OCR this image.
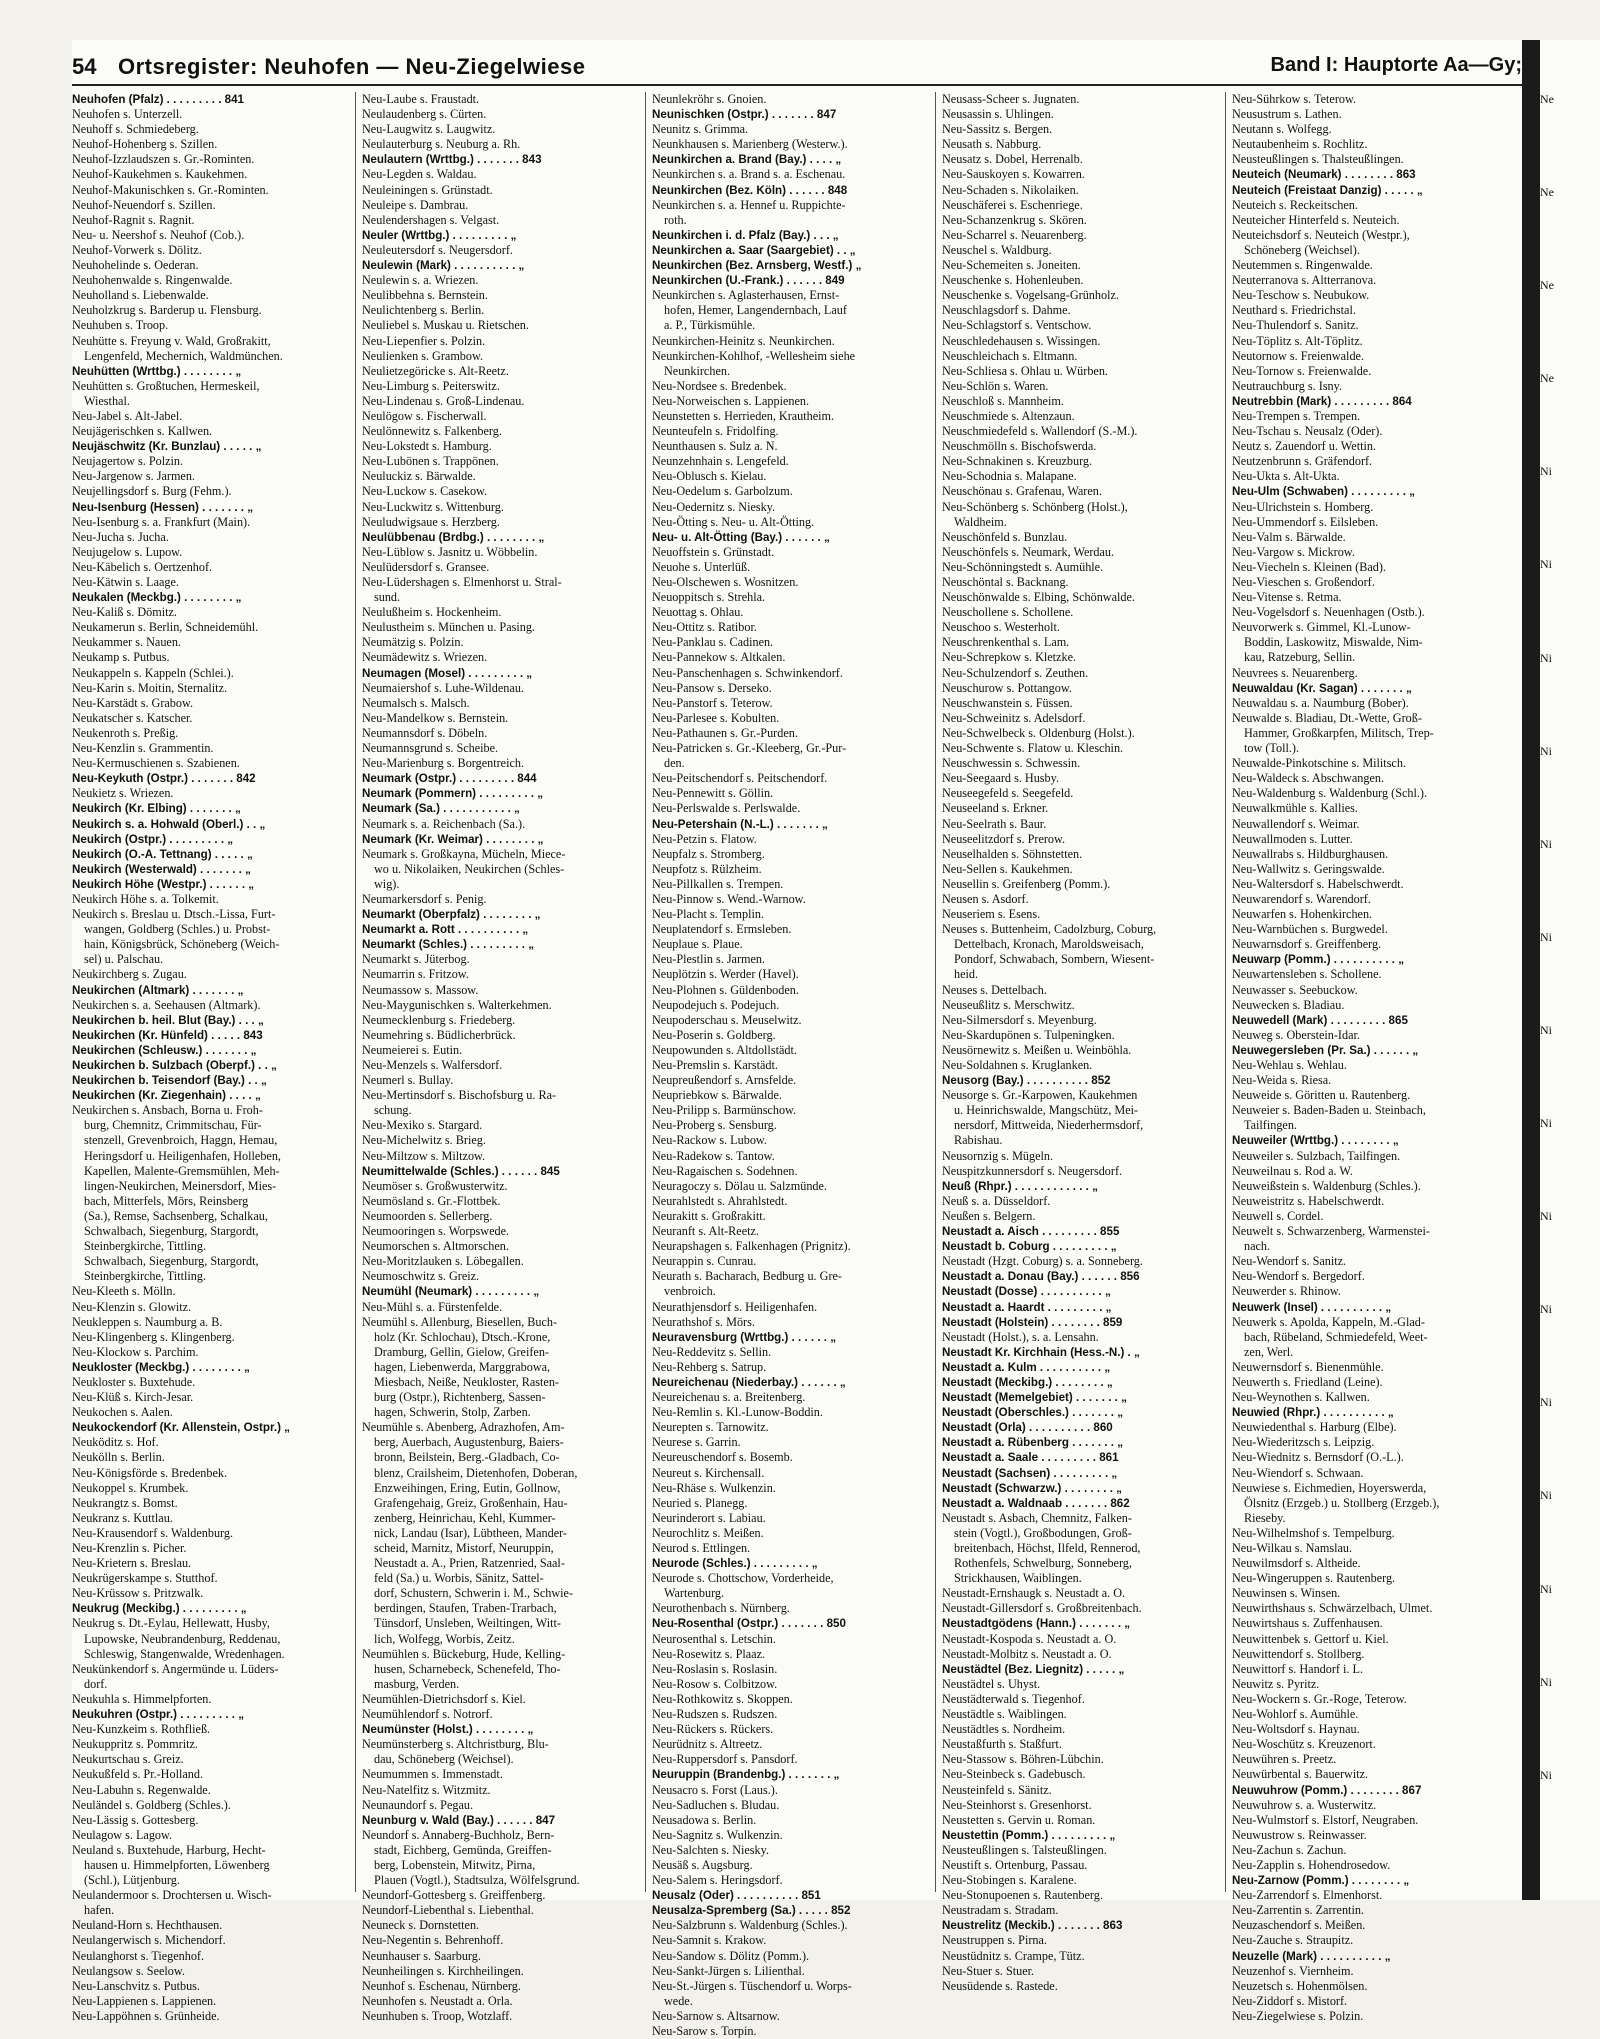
54 Ortsregister: Neuhofen — Neu-Ziegelwiese	Band I: Hauptorte Aa—Gy;
Neuhofen (Pfalz) . . . . . . . . . 841
Neuhofen s. Unterzell.
Neuhoff s. Schmiedeberg.
Neuhof-Hohenberg s. Szillen.
Neuhof-Izzlaudszen s. Gr.-Rominten.
Neuhof-Kaukehmen s. Kaukehmen.
Neuhof-Makunischken s. Gr.-Rominten.
Neuhof-Neuendorf s. Szillen.
Neuhof-Ragnit s. Ragnit.
Neu- u. Neershof s. Neuhof (Cob.).
Neuhof-Vorwerk s. Dölitz.
Neuhohelinde s. Oederan.
Neuhohenwalde s. Ringenwalde.
Neuholland s. Liebenwalde.
Neuholzkrug s. Barderup u. Flensburg.
Neuhuben s. Troop.
Neuhütte s. Freyung v. Wald, Großrakitt,
Lengenfeld, Mechernich, Waldmünchen.
Neuhütten (Wrttbg.) . . . . . . . . „
Neuhütten s. Großtuchen, Hermeskeil,
Wiesthal.
Neu-Jabel s. Alt-Jabel.
Neujägerischken s. Kallwen.
Neujäschwitz (Kr. Bunzlau) . . . . . „
Neujagertow s. Polzin.
Neu-Jargenow s. Jarmen.
Neujellingsdorf s. Burg (Fehm.).
Neu-Isenburg (Hessen) . . . . . . . „
Neu-Isenburg s. a. Frankfurt (Main).
Neu-Jucha s. Jucha.
Neujugelow s. Lupow.
Neu-Käbelich s. Oertzenhof.
Neu-Kätwin s. Laage.
Neukalen (Meckbg.) . . . . . . . . „
Neu-Kaliß s. Dömitz.
Neukamerun s. Berlin, Schneidemühl.
Neukammer s. Nauen.
Neukamp s. Putbus.
Neukappeln s. Kappeln (Schlei.).
Neu-Karin s. Moitin, Sternalitz.
Neu-Karstädt s. Grabow.
Neukatscher s. Katscher.
Neukenroth s. Preßig.
Neu-Kenzlin s. Grammentin.
Neu-Kermuschienen s. Szabienen.
Neu-Keykuth (Ostpr.) . . . . . . . 842
Neukietz s. Wriezen.
Neukirch (Kr. Elbing) . . . . . . . „
Neukirch s. a. Hohwald (Oberl.) . . „
Neukirch (Ostpr.) . . . . . . . . . „
Neukirch (O.-A. Tettnang) . . . . . „
Neukirch (Westerwald) . . . . . . . „
Neukirch Höhe (Westpr.) . . . . . . „
Neukirch Höhe s. a. Tolkemit.
Neukirch s. Breslau u. Dtsch.-Lissa, Furt-
wangen, Goldberg (Schles.) u. Probst-
hain, Königsbrück, Schöneberg (Weich-
sel) u. Palschau.
Neukirchberg s. Zugau.
Neukirchen (Altmark) . . . . . . . „
Neukirchen s. a. Seehausen (Altmark).
Neukirchen b. heil. Blut (Bay.) . . . „
Neukirchen (Kr. Hünfeld) . . . . . 843
Neukirchen (Schleusw.) . . . . . . . „
Neukirchen b. Sulzbach (Oberpf.) . . „
Neukirchen b. Teisendorf (Bay.) . . „
Neukirchen (Kr. Ziegenhain) . . . . „
Neukirchen s. Ansbach, Borna u. Froh-
burg, Chemnitz, Crimmitschau, Für-
stenzell, Grevenbroich, Haggn, Hemau,
Heringsdorf u. Heiligenhafen, Holleben,
Kapellen, Malente-Gremsmühlen, Meh-
lingen-Neukirchen, Meinersdorf, Mies-
bach, Mitterfels, Mörs, Reinsberg
(Sa.), Remse, Sachsenberg, Schalkau,
Schwalbach, Siegenburg, Stargordt,
Steinbergkirche, Tittling.
Schwalbach, Siegenburg, Stargordt,
Steinbergkirche, Tittling.
Neu-Kleeth s. Mölln.
Neu-Klenzin s. Glowitz.
Neukleppen s. Naumburg a. B.
Neu-Klingenberg s. Klingenberg.
Neu-Klockow s. Parchim.
Neukloster (Meckbg.) . . . . . . . . „
Neukloster s. Buxtehude.
Neu-Klüß s. Kirch-Jesar.
Neukochen s. Aalen.
Neukockendorf (Kr. Allenstein, Ostpr.) „
Neuköditz s. Hof.
Neukölln s. Berlin.
Neu-Königsförde s. Bredenbek.
Neukoppel s. Krumbek.
Neukrangtz s. Bomst.
Neukranz s. Kuttlau.
Neu-Krausendorf s. Waldenburg.
Neu-Krenzlin s. Picher.
Neu-Krietern s. Breslau.
Neukrügerskampe s. Stutthof.
Neu-Krüssow s. Pritzwalk.
Neukrug (Meckibg.) . . . . . . . . . „
Neukrug s. Dt.-Eylau, Hellewatt, Husby,
Lupowske, Neubrandenburg, Reddenau,
Schleswig, Stangenwalde, Wredenhagen.
Neukünkendorf s. Angermünde u. Lüders-
dorf.
Neukuhla s. Himmelpforten.
Neukuhren (Ostpr.) . . . . . . . . . „
Neu-Kunzkeim s. Rothfließ.
Neukuppritz s. Pommritz.
Neukurtschau s. Greiz.
Neukußfeld s. Pr.-Holland.
Neu-Labuhn s. Regenwalde.
Neuländel s. Goldberg (Schles.).
Neu-Lässig s. Gottesberg.
Neulagow s. Lagow.
Neuland s. Buxtehude, Harburg, Hecht-
hausen u. Himmelpforten, Löwenberg
(Schl.), Lütjenburg.
Neulandermoor s. Drochtersen u. Wisch-
hafen.
Neuland-Horn s. Hechthausen.
Neulangerwisch s. Michendorf.
Neulanghorst s. Tiegenhof.
Neulangsow s. Seelow.
Neu-Lanschvitz s. Putbus.
Neu-Lappienen s. Lappienen.
Neu-Lappöhnen s. Grünheide.
Neu-Laube s. Fraustadt.
Neulaudenberg s. Cürten.
Neu-Laugwitz s. Laugwitz.
Neulauterburg s. Neuburg a. Rh.
Neulautern (Wrttbg.) . . . . . . . 843
Neu-Legden s. Waldau.
Neuleiningen s. Grünstadt.
Neuleipe s. Dambrau.
Neulendershagen s. Velgast.
Neuler (Wrttbg.) . . . . . . . . . „
Neuleutersdorf s. Neugersdorf.
Neulewin (Mark) . . . . . . . . . . „
Neulewin s. a. Wriezen.
Neulibbehna s. Bernstein.
Neulichtenberg s. Berlin.
Neuliebel s. Muskau u. Rietschen.
Neu-Liepenfier s. Polzin.
Neulienken s. Grambow.
Neulietzegöricke s. Alt-Reetz.
Neu-Limburg s. Peiterswitz.
Neu-Lindenau s. Groß-Lindenau.
Neulögow s. Fischerwall.
Neulönnewitz s. Falkenberg.
Neu-Lokstedt s. Hamburg.
Neu-Lubönen s. Trappönen.
Neuluckiz s. Bärwalde.
Neu-Luckow s. Casekow.
Neu-Luckwitz s. Wittenburg.
Neuludwigsaue s. Herzberg.
Neulübbenau (Brdbg.) . . . . . . . . „
Neu-Lüblow s. Jasnitz u. Wöbbelin.
Neulüdersdorf s. Gransee.
Neu-Lüdershagen s. Elmenhorst u. Stral-
sund.
Neulußheim s. Hockenheim.
Neulustheim s. München u. Pasing.
Neumätzig s. Polzin.
Neumädewitz s. Wriezen.
Neumagen (Mosel) . . . . . . . . . „
Neumaiershof s. Luhe-Wildenau.
Neumalsch s. Malsch.
Neu-Mandelkow s. Bernstein.
Neumannsdorf s. Döbeln.
Neumannsgrund s. Scheibe.
Neu-Marienburg s. Borgentreich.
Neumark (Ostpr.) . . . . . . . . . 844
Neumark (Pommern) . . . . . . . . . „
Neumark (Sa.) . . . . . . . . . . . „
Neumark s. a. Reichenbach (Sa.).
Neumark (Kr. Weimar) . . . . . . . . „
Neumark s. Großkayna, Mücheln, Miece-
wo u. Nikolaiken, Neukirchen (Schles-
wig).
Neumarkersdorf s. Penig.
Neumarkt (Oberpfalz) . . . . . . . . „
Neumarkt a. Rott . . . . . . . . . . „
Neumarkt (Schles.) . . . . . . . . . „
Neumarkt s. Jüterbog.
Neumarrin s. Fritzow.
Neumassow s. Massow.
Neu-Maygunischken s. Walterkehmen.
Neumecklenburg s. Friedeberg.
Neumehring s. Büdlicherbrück.
Neumeierei s. Eutin.
Neu-Menzels s. Walfersdorf.
Neumerl s. Bullay.
Neu-Mertinsdorf s. Bischofsburg u. Ra-
schung.
Neu-Mexiko s. Stargard.
Neu-Michelwitz s. Brieg.
Neu-Miltzow s. Miltzow.
Neumittelwalde (Schles.) . . . . . . 845
Neumöser s. Großwusterwitz.
Neumösland s. Gr.-Flottbek.
Neumoorden s. Sellerberg.
Neumooringen s. Worpswede.
Neumorschen s. Altmorschen.
Neu-Moritzlauken s. Löbegallen.
Neumoschwitz s. Greiz.
Neumühl (Neumark) . . . . . . . . . „
Neu-Mühl s. a. Fürstenfelde.
Neumühl s. Allenburg, Biesellen, Buch-
holz (Kr. Schlochau), Dtsch.-Krone,
Dramburg, Gellin, Gielow, Greifen-
hagen, Liebenwerda, Marggrabowa,
Miesbach, Neiße, Neukloster, Rasten-
burg (Ostpr.), Richtenberg, Sassen-
hagen, Schwerin, Stolp, Zarben.
Neumühle s. Abenberg, Adrazhofen, Am-
berg, Auerbach, Augustenburg, Baiers-
bronn, Beilstein, Berg.-Gladbach, Co-
blenz, Crailsheim, Dietenhofen, Doberan,
Enzweihingen, Ering, Eutin, Gollnow,
Grafengehaig, Greiz, Großenhain, Hau-
zenberg, Heinrichau, Kehl, Kummer-
nick, Landau (Isar), Lübtheen, Mander-
scheid, Marnitz, Mistorf, Neuruppin,
Neustadt a. A., Prien, Ratzenried, Saal-
feld (Sa.) u. Worbis, Sänitz, Sattel-
dorf, Schustern, Schwerin i. M., Schwie-
berdingen, Staufen, Traben-Trarbach,
Tünsdorf, Unsleben, Weiltingen, Witt-
lich, Wolfegg, Worbis, Zeitz.
Neumühlen s. Bückeburg, Hude, Kelling-
husen, Scharnebeck, Schenefeld, Tho-
masburg, Verden.
Neumühlen-Dietrichsdorf s. Kiel.
Neumühlendorf s. Notrorf.
Neumünster (Holst.) . . . . . . . . „
Neumünsterberg s. Altchristburg, Blu-
dau, Schöneberg (Weichsel).
Neumummen s. Immenstadt.
Neu-Natelfitz s. Witzmitz.
Neunaundorf s. Pegau.
Neunburg v. Wald (Bay.) . . . . . . 847
Neundorf s. Annaberg-Buchholz, Bern-
stadt, Eichberg, Gemünda, Greiffen-
berg, Lobenstein, Mitwitz, Pirna,
Plauen (Vogtl.), Stadtsulza, Wölfelsgrund.
Neundorf-Gottesberg s. Greiffenberg.
Neundorf-Liebenthal s. Liebenthal.
Neuneck s. Dornstetten.
Neu-Negentin s. Behrenhoff.
Neunhauser s. Saarburg.
Neunheilingen s. Kirchheilingen.
Neunhof s. Eschenau, Nürnberg.
Neunhofen s. Neustadt a. Orla.
Neunhuben s. Troop, Wotzlaff.
Neunlekröhr s. Gnoien.
Neunischken (Ostpr.) . . . . . . . 847
Neunitz s. Grimma.
Neunkhausen s. Marienberg (Westerw.).
Neunkirchen a. Brand (Bay.) . . . . „
Neunkirchen s. a. Brand s. a. Eschenau.
Neunkirchen (Bez. Köln) . . . . . . 848
Neunkirchen s. a. Hennef u. Ruppichte-
roth.
Neunkirchen i. d. Pfalz (Bay.) . . . „
Neunkirchen a. Saar (Saargebiet) . . „
Neunkirchen (Bez. Arnsberg, Westf.) „
Neunkirchen (U.-Frank.) . . . . . . 849
Neunkirchen s. Aglasterhausen, Ernst-
hofen, Hemer, Langendernbach, Lauf
a. P., Türkismühle.
Neunkirchen-Heinitz s. Neunkirchen.
Neunkirchen-Kohlhof, -Wellesheim siehe
Neunkirchen.
Neu-Nordsee s. Bredenbek.
Neu-Norweischen s. Lappienen.
Neunstetten s. Herrieden, Krautheim.
Neunteufeln s. Fridolfing.
Neunthausen s. Sulz a. N.
Neunzehnhain s. Lengefeld.
Neu-Oblusch s. Kielau.
Neu-Oedelum s. Garbolzum.
Neu-Oedernitz s. Niesky.
Neu-Ötting s. Neu- u. Alt-Ötting.
Neu- u. Alt-Ötting (Bay.) . . . . . . „
Neuoffstein s. Grünstadt.
Neuohe s. Unterlüß.
Neu-Olschewen s. Wosnitzen.
Neuoppitsch s. Strehla.
Neuottag s. Ohlau.
Neu-Ottitz s. Ratibor.
Neu-Panklau s. Cadinen.
Neu-Pannekow s. Altkalen.
Neu-Panschenhagen s. Schwinkendorf.
Neu-Pansow s. Derseko.
Neu-Panstorf s. Teterow.
Neu-Parlesee s. Kobulten.
Neu-Pathaunen s. Gr.-Purden.
Neu-Patricken s. Gr.-Kleeberg, Gr.-Pur-
den.
Neu-Peitschendorf s. Peitschendorf.
Neu-Pennewitt s. Göllin.
Neu-Perlswalde s. Perlswalde.
Neu-Petershain (N.-L.) . . . . . . . „
Neu-Petzin s. Flatow.
Neupfalz s. Stromberg.
Neupfotz s. Rülzheim.
Neu-Pillkallen s. Trempen.
Neu-Pinnow s. Wend.-Warnow.
Neu-Placht s. Templin.
Neuplatendorf s. Ermsleben.
Neuplaue s. Plaue.
Neu-Plestlin s. Jarmen.
Neuplötzin s. Werder (Havel).
Neu-Plohnen s. Güldenboden.
Neupodejuch s. Podejuch.
Neupoderschau s. Meuselwitz.
Neu-Poserin s. Goldberg.
Neupowunden s. Altdollstädt.
Neu-Premslin s. Karstädt.
Neupreußendorf s. Arnsfelde.
Neupriebkow s. Bärwalde.
Neu-Prilipp s. Barmünschow.
Neu-Proberg s. Sensburg.
Neu-Rackow s. Lubow.
Neu-Radekow s. Tantow.
Neu-Ragaischen s. Sodehnen.
Neuragoczy s. Dölau u. Salzmünde.
Neurahlstedt s. Ahrahlstedt.
Neurakitt s. Großrakitt.
Neuranft s. Alt-Reetz.
Neurapshagen s. Falkenhagen (Prignitz).
Neurappin s. Cunrau.
Neurath s. Bacharach, Bedburg u. Gre-
venbroich.
Neurathjensdorf s. Heiligenhafen.
Neurathshof s. Mörs.
Neuravensburg (Wrttbg.) . . . . . . „
Neu-Reddevitz s. Sellin.
Neu-Rehberg s. Satrup.
Neureichenau (Niederbay.) . . . . . . „
Neureichenau s. a. Breitenberg.
Neu-Remlin s. Kl.-Lunow-Boddin.
Neurepten s. Tarnowitz.
Neurese s. Garrin.
Neureuschendorf s. Bosemb.
Neureut s. Kirchensall.
Neu-Rhäse s. Wulkenzin.
Neuried s. Planegg.
Neurinderort s. Labiau.
Neurochlitz s. Meißen.
Neurod s. Ettlingen.
Neurode (Schles.) . . . . . . . . . „
Neurode s. Chottschow, Vorderheide,
Wartenburg.
Neurothenbach s. Nürnberg.
Neu-Rosenthal (Ostpr.) . . . . . . . 850
Neurosenthal s. Letschin.
Neu-Rosewitz s. Plaaz.
Neu-Roslasin s. Roslasin.
Neu-Rosow s. Colbitzow.
Neu-Rothkowitz s. Skoppen.
Neu-Rudszen s. Rudszen.
Neu-Rückers s. Rückers.
Neurüdnitz s. Altreetz.
Neu-Ruppersdorf s. Pansdorf.
Neuruppin (Brandenbg.) . . . . . . . „
Neusacro s. Forst (Laus.).
Neu-Sadluchen s. Bludau.
Neusadowa s. Berlin.
Neu-Sagnitz s. Wulkenzin.
Neu-Salchten s. Niesky.
Neusäß s. Augsburg.
Neu-Salem s. Heringsdorf.
Neusalz (Oder) . . . . . . . . . . 851
Neusalza-Spremberg (Sa.) . . . . . 852
Neu-Salzbrunn s. Waldenburg (Schles.).
Neu-Samnit s. Krakow.
Neu-Sandow s. Dölitz (Pomm.).
Neu-Sankt-Jürgen s. Lilienthal.
Neu-St.-Jürgen s. Tüschendorf u. Worps-
wede.
Neu-Sarnow s. Altsarnow.
Neu-Sarow s. Torpin.
Neusass-Scheer s. Jugnaten.
Neusassin s. Uhlingen.
Neu-Sassitz s. Bergen.
Neusath s. Nabburg.
Neusatz s. Dobel, Herrenalb.
Neu-Sauskoyen s. Kowarren.
Neu-Schaden s. Nikolaiken.
Neuschäferei s. Eschenriege.
Neu-Schanzenkrug s. Skören.
Neu-Scharrel s. Neuarenberg.
Neuschel s. Waldburg.
Neu-Schemeiten s. Joneiten.
Neuschenke s. Hohenleuben.
Neuschenke s. Vogelsang-Grünholz.
Neuschlagsdorf s. Dahme.
Neu-Schlagstorf s. Ventschow.
Neuschledehausen s. Wissingen.
Neuschleichach s. Eltmann.
Neu-Schliesa s. Ohlau u. Würben.
Neu-Schlön s. Waren.
Neuschloß s. Mannheim.
Neuschmiede s. Altenzaun.
Neuschmiedefeld s. Wallendorf (S.-M.).
Neuschmölln s. Bischofswerda.
Neu-Schnakinen s. Kreuzburg.
Neu-Schodnia s. Malapane.
Neuschönau s. Grafenau, Waren.
Neu-Schönberg s. Schönberg (Holst.),
Waldheim.
Neuschönfeld s. Bunzlau.
Neuschönfels s. Neumark, Werdau.
Neu-Schönningstedt s. Aumühle.
Neuschöntal s. Backnang.
Neuschönwalde s. Elbing, Schönwalde.
Neuschollene s. Schollene.
Neuschoo s. Westerholt.
Neuschrenkenthal s. Lam.
Neu-Schrepkow s. Kletzke.
Neu-Schulzendorf s. Zeuthen.
Neuschurow s. Pottangow.
Neuschwanstein s. Füssen.
Neu-Schweinitz s. Adelsdorf.
Neu-Schwelbeck s. Oldenburg (Holst.).
Neu-Schwente s. Flatow u. Kleschin.
Neuschwessin s. Schwessin.
Neu-Seegaard s. Husby.
Neuseegefeld s. Seegefeld.
Neuseeland s. Erkner.
Neu-Seelrath s. Baur.
Neuseelitzdorf s. Prerow.
Neuselhalden s. Söhnstetten.
Neu-Sellen s. Kaukehmen.
Neusellin s. Greifenberg (Pomm.).
Neusen s. Asdorf.
Neuseriem s. Esens.
Neuses s. Buttenheim, Cadolzburg, Coburg,
Dettelbach, Kronach, Maroldsweisach,
Pondorf, Schwabach, Sombern, Wiesent-
heid.
Neuses s. Dettelbach.
Neuseußlitz s. Merschwitz.
Neu-Silmersdorf s. Meyenburg.
Neu-Skardupönen s. Tulpeningken.
Neusörnewitz s. Meißen u. Weinböhla.
Neu-Soldahnen s. Kruglanken.
Neusorg (Bay.) . . . . . . . . . . 852
Neusorge s. Gr.-Karpowen, Kaukehmen
u. Heinrichswalde, Mangschütz, Mei-
nersdorf, Mittweida, Niederhermsdorf,
Rabishau.
Neusornzig s. Mügeln.
Neuspitzkunnersdorf s. Neugersdorf.
Neuß (Rhpr.) . . . . . . . . . . . . „
Neuß s. a. Düsseldorf.
Neußen s. Belgern.
Neustadt a. Aisch . . . . . . . . . 855
Neustadt b. Coburg . . . . . . . . . „
Neustadt (Hzgt. Coburg) s. a. Sonneberg.
Neustadt a. Donau (Bay.) . . . . . . 856
Neustadt (Dosse) . . . . . . . . . . „
Neustadt a. Haardt . . . . . . . . . „
Neustadt (Holstein) . . . . . . . . 859
Neustadt (Holst.), s. a. Lensahn.
Neustadt Kr. Kirchhain (Hess.-N.) . „
Neustadt a. Kulm . . . . . . . . . . „
Neustadt (Meckibg.) . . . . . . . . „
Neustadt (Memelgebiet) . . . . . . . „
Neustadt (Oberschles.) . . . . . . . „
Neustadt (Orla) . . . . . . . . . . 860
Neustadt a. Rübenberg . . . . . . . „
Neustadt a. Saale . . . . . . . . . 861
Neustadt (Sachsen) . . . . . . . . . „
Neustadt (Schwarzw.) . . . . . . . . „
Neustadt a. Waldnaab . . . . . . . 862
Neustadt s. Asbach, Chemnitz, Falken-
stein (Vogtl.), Großbodungen, Groß-
breitenbach, Höchst, Ilfeld, Rennerod,
Rothenfels, Schwelburg, Sonneberg,
Strickhausen, Waiblingen.
Neustadt-Ernshaugk s. Neustadt a. O.
Neustadt-Gillersdorf s. Großbreitenbach.
Neustadtgödens (Hann.) . . . . . . . „
Neustadt-Kospoda s. Neustadt a. O.
Neustadt-Molbitz s. Neustadt a. O.
Neustädtel (Bez. Liegnitz) . . . . . „
Neustädtel s. Uhyst.
Neustädterwald s. Tiegenhof.
Neustädtle s. Waiblingen.
Neustädtles s. Nordheim.
Neustaßfurth s. Staßfurt.
Neu-Stassow s. Böhren-Lübchin.
Neu-Steinbeck s. Gadebusch.
Neusteinfeld s. Sänitz.
Neu-Steinhorst s. Gresenhorst.
Neustetten s. Gervin u. Roman.
Neustettin (Pomm.) . . . . . . . . . „
Neusteußlingen s. Talsteußlingen.
Neustift s. Ortenburg, Passau.
Neu-Stobingen s. Karalene.
Neu-Stonupoenen s. Rautenberg.
Neustradam s. Stradam.
Neustrelitz (Meckib.) . . . . . . . 863
Neustruppen s. Pirna.
Neustüdnitz s. Crampe, Tütz.
Neu-Stuer s. Stuer.
Neusüdende s. Rastede.
Neu-Sührkow s. Teterow.
Neusustrum s. Lathen.
Neutann s. Wolfegg.
Neutaubenheim s. Rochlitz.
Neusteußlingen s. Thalsteußlingen.
Neuteich (Neumark) . . . . . . . . 863
Neuteich (Freistaat Danzig) . . . . . „
Neuteich s. Reckeitschen.
Neuteicher Hinterfeld s. Neuteich.
Neuteichsdorf s. Neuteich (Westpr.),
Schöneberg (Weichsel).
Neutemmen s. Ringenwalde.
Neuterranova s. Altterranova.
Neu-Teschow s. Neubukow.
Neuthard s. Friedrichstal.
Neu-Thulendorf s. Sanitz.
Neu-Töplitz s. Alt-Töplitz.
Neutornow s. Freienwalde.
Neu-Tornow s. Freienwalde.
Neutrauchburg s. Isny.
Neutrebbin (Mark) . . . . . . . . . 864
Neu-Trempen s. Trempen.
Neu-Tschau s. Neusalz (Oder).
Neutz s. Zauendorf u. Wettin.
Neutzenbrunn s. Gräfendorf.
Neu-Ukta s. Alt-Ukta.
Neu-Ulm (Schwaben) . . . . . . . . . „
Neu-Ulrichstein s. Homberg.
Neu-Ummendorf s. Eilsleben.
Neu-Valm s. Bärwalde.
Neu-Vargow s. Mickrow.
Neu-Viecheln s. Kleinen (Bad).
Neu-Vieschen s. Großendorf.
Neu-Vitense s. Retma.
Neu-Vogelsdorf s. Neuenhagen (Ostb.).
Neuvorwerk s. Gimmel, Kl.-Lunow-
Boddin, Laskowitz, Miswalde, Nim-
kau, Ratzeburg, Sellin.
Neuvrees s. Neuarenberg.
Neuwaldau (Kr. Sagan) . . . . . . . „
Neuwaldau s. a. Naumburg (Bober).
Neuwalde s. Bladiau, Dt.-Wette, Groß-
Hammer, Großkarpfen, Militsch, Trep-
tow (Toll.).
Neuwalde-Pinkotschine s. Militsch.
Neu-Waldeck s. Abschwangen.
Neu-Waldenburg s. Waldenburg (Schl.).
Neuwalkmühle s. Kallies.
Neuwallendorf s. Weimar.
Neuwallmoden s. Lutter.
Neuwallrabs s. Hildburghausen.
Neu-Wallwitz s. Geringswalde.
Neu-Waltersdorf s. Habelschwerdt.
Neuwarendorf s. Warendorf.
Neuwarfen s. Hohenkirchen.
Neu-Warnbüchen s. Burgwedel.
Neuwarnsdorf s. Greiffenberg.
Neuwarp (Pomm.) . . . . . . . . . . „
Neuwartensleben s. Schollene.
Neuwasser s. Seebuckow.
Neuwecken s. Bladiau.
Neuwedell (Mark) . . . . . . . . . 865
Neuweg s. Oberstein-Idar.
Neuwegersleben (Pr. Sa.) . . . . . . „
Neu-Wehlau s. Wehlau.
Neu-Weida s. Riesa.
Neuweide s. Göritten u. Rautenberg.
Neuweier s. Baden-Baden u. Steinbach,
Tailfingen.
Neuweiler (Wrttbg.) . . . . . . . . „
Neuweiler s. Sulzbach, Tailfingen.
Neuweilnau s. Rod a. W.
Neuweißstein s. Waldenburg (Schles.).
Neuweistritz s. Habelschwerdt.
Neuwell s. Cordel.
Neuwelt s. Schwarzenberg, Warmenstei-
nach.
Neu-Wendorf s. Sanitz.
Neu-Wendorf s. Bergedorf.
Neuwerder s. Rhinow.
Neuwerk (Insel) . . . . . . . . . . „
Neuwerk s. Apolda, Kappeln, M.-Glad-
bach, Rübeland, Schmiedefeld, Weet-
zen, Werl.
Neuwernsdorf s. Bienenmühle.
Neuwerth s. Friedland (Leine).
Neu-Weynothen s. Kallwen.
Neuwied (Rhpr.) . . . . . . . . . . „
Neuwiedenthal s. Harburg (Elbe).
Neu-Wiederitzsch s. Leipzig.
Neu-Wiednitz s. Bernsdorf (O.-L.).
Neu-Wiendorf s. Schwaan.
Neuwiese s. Eichmedien, Hoyerswerda,
Ölsnitz (Erzgeb.) u. Stollberg (Erzgeb.),
Rieseby.
Neu-Wilhelmshof s. Tempelburg.
Neu-Wilkau s. Namslau.
Neuwilmsdorf s. Altheide.
Neu-Wingeruppen s. Rautenberg.
Neuwinsen s. Winsen.
Neuwirthshaus s. Schwärzelbach, Ulmet.
Neuwirtshaus s. Zuffenhausen.
Neuwittenbek s. Gettorf u. Kiel.
Neuwittendorf s. Stollberg.
Neuwittorf s. Handorf i. L.
Neuwitz s. Pyritz.
Neu-Wockern s. Gr.-Roge, Teterow.
Neu-Wohlorf s. Aumühle.
Neu-Woltsdorf s. Haynau.
Neu-Woschütz s. Kreuzenort.
Neuwühren s. Preetz.
Neuwürbental s. Bauerwitz.
Neuwuhrow (Pomm.) . . . . . . . . 867
Neuwuhrow s. a. Wusterwitz.
Neu-Wulmstorf s. Elstorf, Neugraben.
Neuwustrow s. Reinwasser.
Neu-Zachun s. Zachun.
Neu-Zapplin s. Hohendrosedow.
Neu-Zarnow (Pomm.) . . . . . . . . „
Neu-Zarrendorf s. Elmenhorst.
Neu-Zarrentin s. Zarrentin.
Neuzaschendorf s. Meißen.
Neu-Zauche s. Straupitz.
Neuzelle (Mark) . . . . . . . . . . „
Neuzenhof s. Viernheim.
Neuzetsch s. Hohenmölsen.
Neu-Ziddorf s. Mistorf.
Neu-Ziegelwiese s. Polzin.
Ne
Ne
Ne
Ne
Ni
Ni
Ni
Ni
Ni
Ni
Ni
Ni
Ni
Ni
Ni
Ni
Ni
Ni
Ni
